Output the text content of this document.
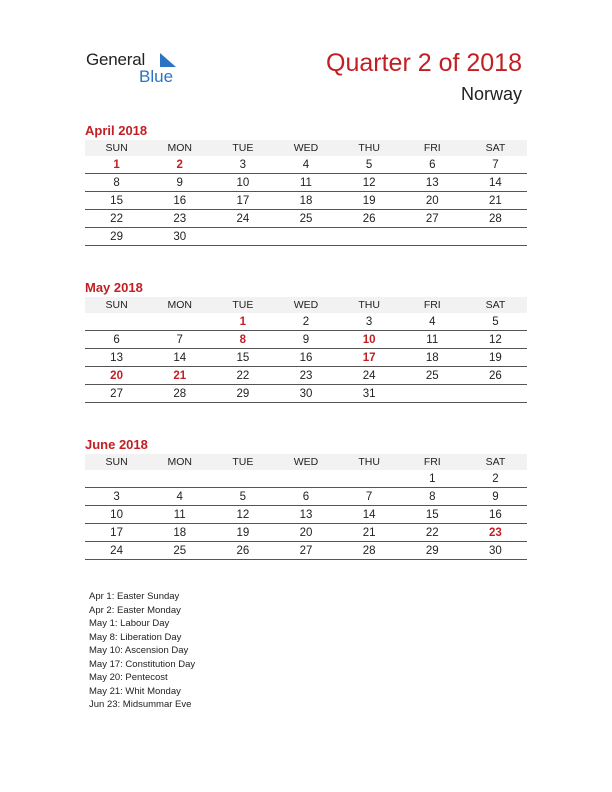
General
Blue	Quarter 2 of 2018
Norway
April 2018
SUN	MON	TUE	WED	THU	FRI	SAT
1	2	3	4	5	6	7
8	9	10	11	12	13	14
15	16	17	18	19	20	21
22	23	24	25	26	27	28
29	30					
May 2018
SUN	MON	TUE	WED	THU	FRI	SAT
		1	2	3	4	5
6	7	8	9	10	11	12
13	14	15	16	17	18	19
20	21	22	23	24	25	26
27	28	29	30	31		
June 2018
SUN	MON	TUE	WED	THU	FRI	SAT
					1	2
3	4	5	6	7	8	9
10	11	12	13	14	15	16
17	18	19	20	21	22	23
24	25	26	27	28	29	30
Apr 1: Easter Sunday
Apr 2: Easter Monday
May 1: Labour Day
May 8: Liberation Day
May 10: Ascension Day
May 17: Constitution Day
May 20: Pentecost
May 21: Whit Monday
Jun 23: Midsummar Eve
